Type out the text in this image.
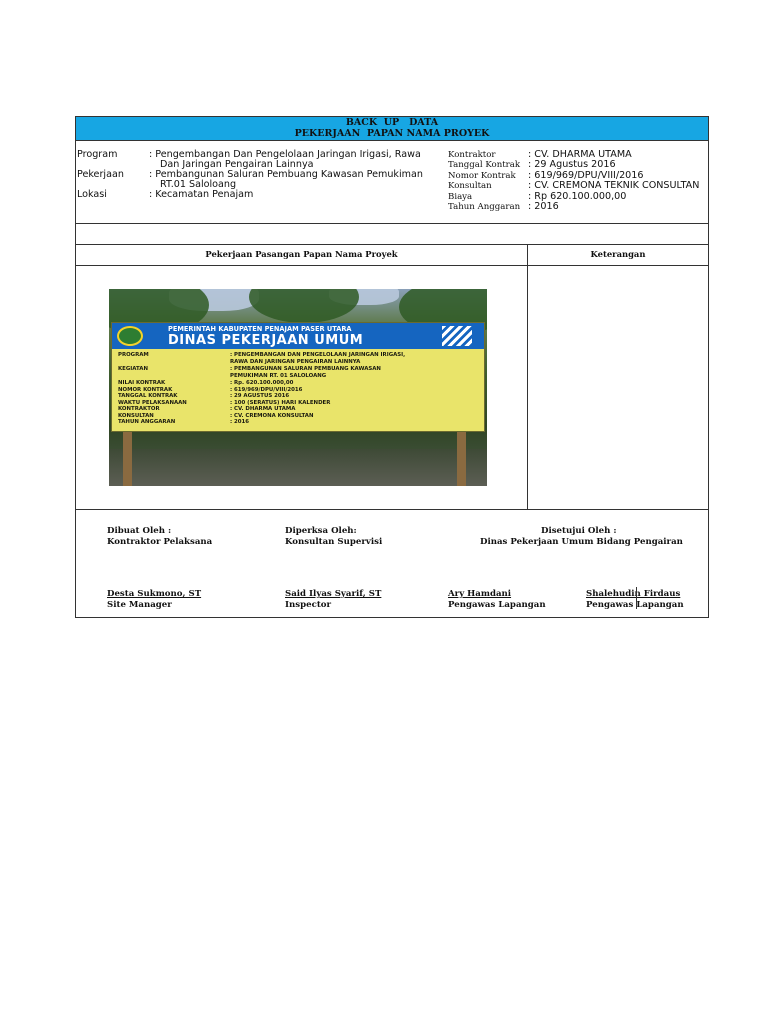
BACK  UP   DATA
PEKERJAAN  PAPAN NAMA PROYEK
Program	: Pengembangan Dan Pengelolaan Jaringan Irigasi, Rawa
Dan Jaringan Pengairan Lainnya
Pekerjaan	: Pembangunan Saluran Pembuang Kawasan Pemukiman
RT.01 Saloloang
Lokasi	: Kecamatan Penajam
Kontraktor	: CV. DHARMA UTAMA
Tanggal Kontrak : 29 Agustus 2016
Nomor Kontrak : 619/969/DPU/VIII/2016
Konsultan	: CV. CREMONA TEKNIK CONSULTAN
Biaya	: Rp 620.100.000,00
Tahun Anggaran : 2016
Pekerjaan Pasangan Papan Nama Proyek	Keterangan
PEMERINTAH KABUPATEN PENAJAM PASER UTARA
DINAS PEKERJAAN UMUM
PROGRAM	: PENGEMBANGAN DAN PENGELOLAAN JARINGAN IRIGASI,
RAWA DAN JARINGAN PENGAIRAN LAINNYA
KEGIATAN	: PEMBANGUNAN SALURAN PEMBUANG KAWASAN
PEMUKIMAN RT. 01 SALOLOANG
NILAI KONTRAK	: Rp. 620.100.000,00
NOMOR KONTRAK	: 619/969/DPU/VIII/2016
TANGGAL KONTRAK	: 29 AGUSTUS 2016
WAKTU PELAKSANAAN	: 100 (SERATUS) HARI KALENDER
KONTRAKTOR	: CV. DHARMA UTAMA
KONSULTAN	: CV. CREMONA KONSULTAN
TAHUN ANGGARAN	: 2016
Dibuat Oleh :
Kontraktor Pelaksana
Diperksa Oleh:
Konsultan Supervisi
Disetujui Oleh :
Dinas Pekerjaan Umum Bidang Pengairan
Desta Sukmono, ST
Site Manager
Said Ilyas Syarif, ST
Inspector
Ary Hamdani
Pengawas Lapangan
Shalehudin Firdaus
Pengawas Lapangan
